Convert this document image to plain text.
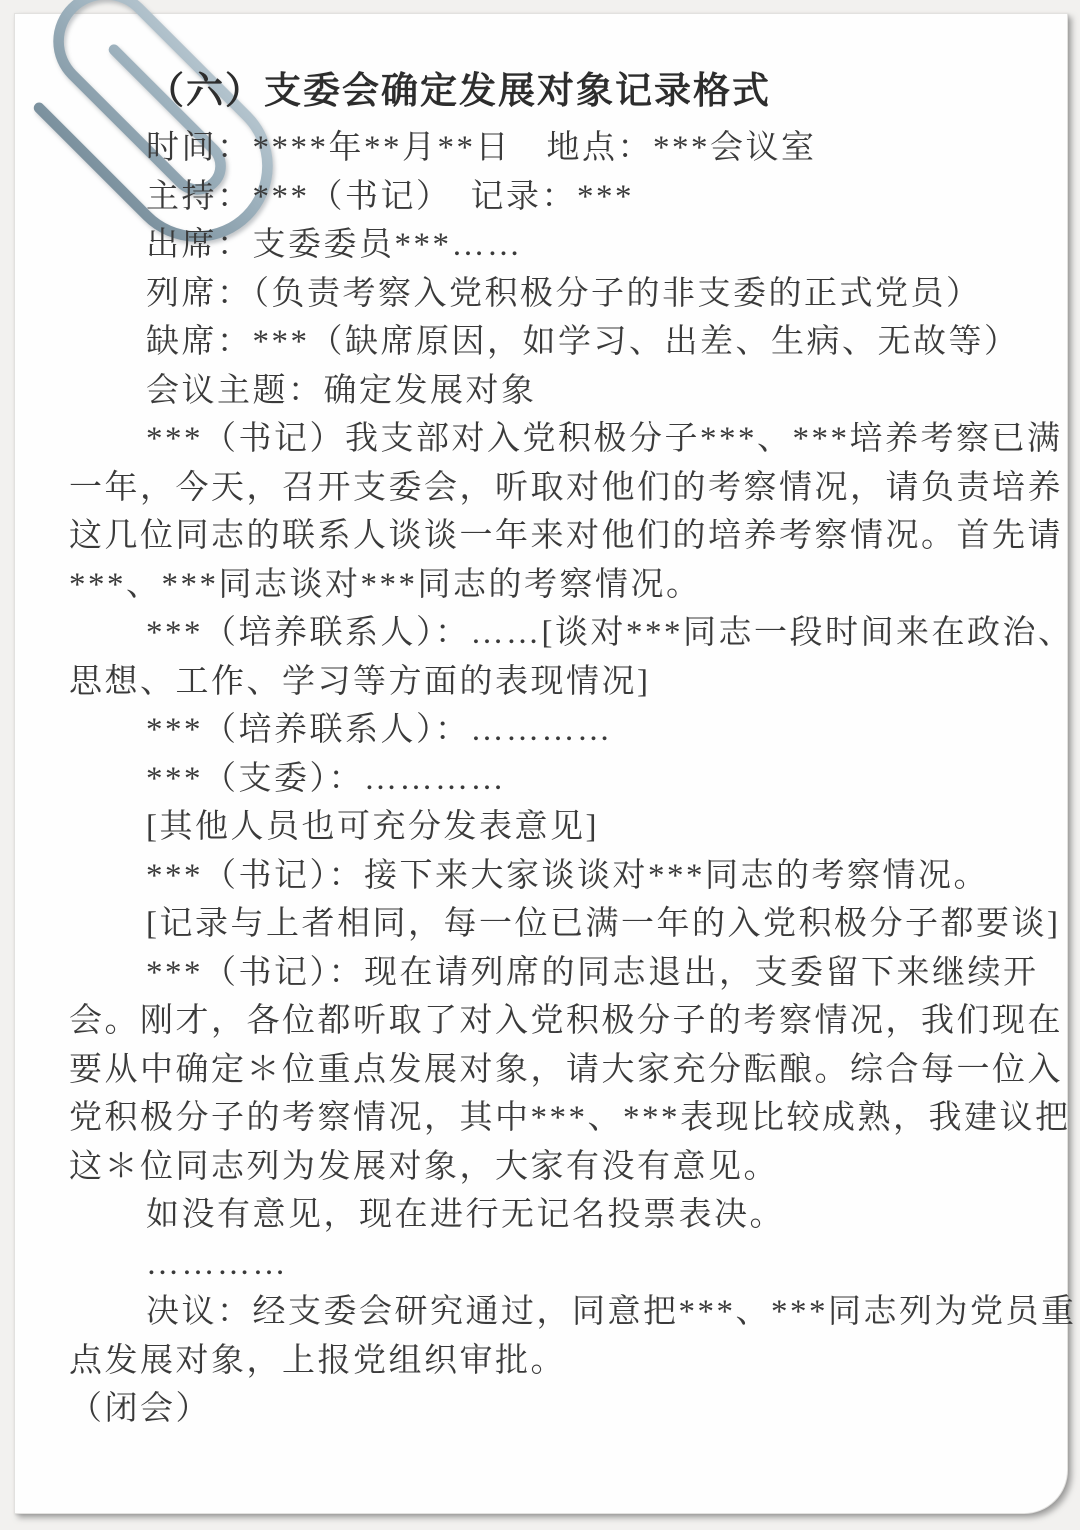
（六）支委会确定发展对象记录格式
时间：****年**月**日　地点：***会议室
主持：***（书记）　记录：***
出席：支委委员***……
列席：（负责考察入党积极分子的非支委的正式党员）
缺席：***（缺席原因，如学习、出差、生病、无故等）
会议主题：确定发展对象
***（书记）我支部对入党积极分子***、***培养考察已满
一年，今天，召开支委会，听取对他们的考察情况，请负责培养
这几位同志的联系人谈谈一年来对他们的培养考察情况。首先请
***、***同志谈对***同志的考察情况。
***（培养联系人）：……[谈对***同志一段时间来在政治、
思想、工作、学习等方面的表现情况]
***（培养联系人）：…………
***（支委）：…………
[其他人员也可充分发表意见]
***（书记）：接下来大家谈谈对***同志的考察情况。
[记录与上者相同，每一位已满一年的入党积极分子都要谈]
***（书记）：现在请列席的同志退出，支委留下来继续开
会。刚才，各位都听取了对入党积极分子的考察情况，我们现在
要从中确定＊位重点发展对象，请大家充分酝酿。综合每一位入
党积极分子的考察情况，其中***、***表现比较成熟，我建议把
这＊位同志列为发展对象，大家有没有意见。
如没有意见，现在进行无记名投票表决。
…………
决议：经支委会研究通过，同意把***、***同志列为党员重
点发展对象，上报党组织审批。
（闭会）
